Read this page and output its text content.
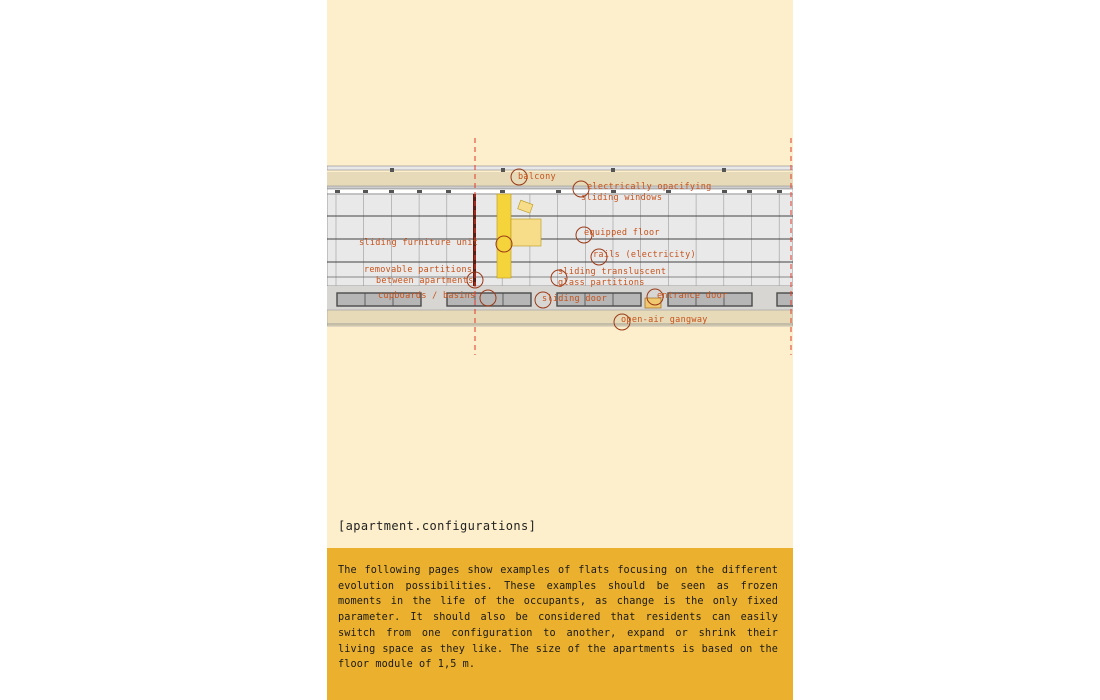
balcony
electrically opacifying
sliding windows
equipped floor
sliding furniture unit
rails (electricity)
removable partitions
between apartments
sliding transluscent
glass partitions
cupboards / basins	sliding door	entrance door
open-air gangway
[apartment.configurations]
The following pages show examples of flats focusing on the different evolution possibilities. These examples should be seen as frozen moments in the life of the occupants, as change is the only fixed parameter. It should also be considered that residents can easily switch from one configuration to another, expand or shrink their living space as they like. The size of the apartments is based on the floor module of 1,5 m.
